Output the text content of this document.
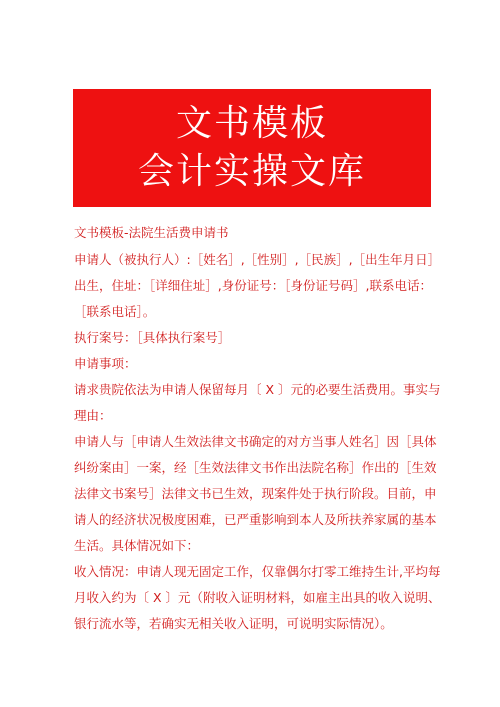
文书模板
会计实操文库
文书模板-法院生活费申请书

申请人（被执行人）:［姓名］,［性别］,［民族］,［出生年月日］出生，住址：［详细住址］,身份证号：［身份证号码］,联系电话：［联系电话］。

执行案号：［具体执行案号］

申请事项：

请求贵院依法为申请人保留每月〔 X 〕元的必要生活费用。事实与理由：

申请人与［申请人生效法律文书确定的对方当事人姓名］因［具体纠纷案由］一案，经［生效法律文书作出法院名称］作出的［生效法律文书案号］法律文书已生效，现案件处于执行阶段。目前，申请人的经济状况极度困难，已严重影响到本人及所扶养家属的基本生活。具体情况如下：

收入情况：申请人现无固定工作，仅靠偶尔打零工维持生计,平均每月收入约为〔 X 〕元（附收入证明材料，如雇主出具的收入说明、银行流水等，若确实无相关收入证明，可说明实际情况）。
